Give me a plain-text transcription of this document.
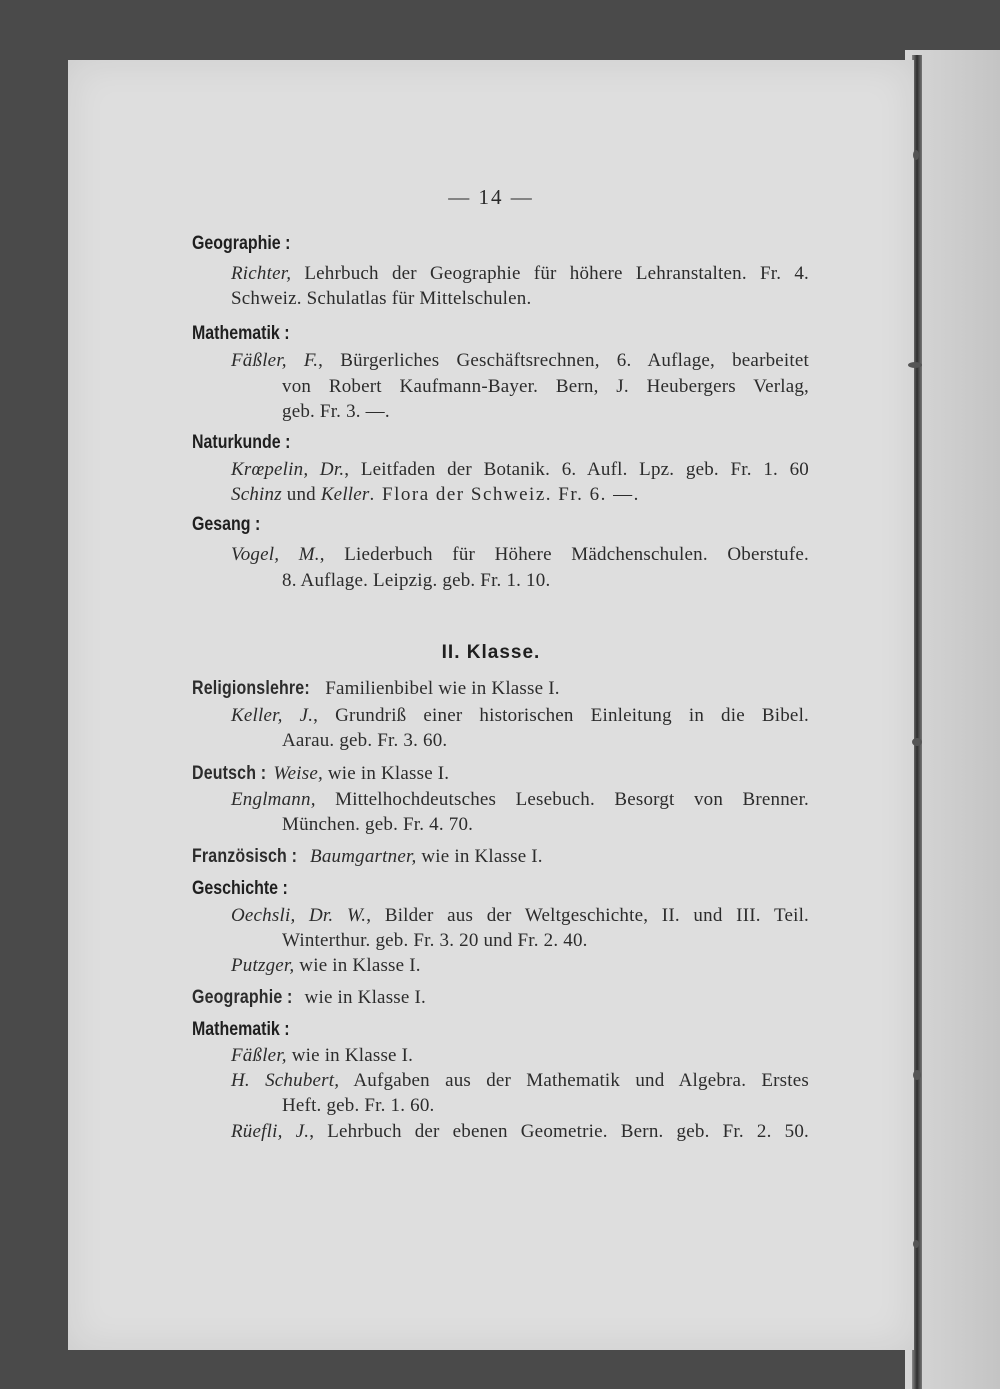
— 14 —
Geographie :
Richter, Lehrbuch der Geographie für höhere Lehranstalten. Fr. 4.
Schweiz. Schulatlas für Mittelschulen.
Mathematik :
Fäßler, F., Bürgerliches Geschäftsrechnen, 6. Auflage, bearbeitet
von Robert Kaufmann-Bayer. Bern, J. Heubergers Verlag,
geb. Fr. 3. —.
Naturkunde :
Krœpelin, Dr., Leitfaden der Botanik. 6. Aufl. Lpz. geb. Fr. 1. 60
Schinz und Keller. Flora der Schweiz. Fr. 6. —.
Gesang :
Vogel, M., Liederbuch für Höhere Mädchenschulen. Oberstufe.
8. Auflage. Leipzig. geb. Fr. 1. 10.
II. Klasse.
Religionslehre: Familienbibel wie in Klasse I.
Keller, J., Grundriß einer historischen Einleitung in die Bibel.
Aarau. geb. Fr. 3. 60.
Deutsch : Weise, wie in Klasse I.
Englmann, Mittelhochdeutsches Lesebuch. Besorgt von Brenner.
München. geb. Fr. 4. 70.
Französisch : Baumgartner, wie in Klasse I.
Geschichte :
Oechsli, Dr. W., Bilder aus der Weltgeschichte, II. und III. Teil.
Winterthur. geb. Fr. 3. 20 und Fr. 2. 40.
Putzger, wie in Klasse I.
Geographie : wie in Klasse I.
Mathematik :
Fäßler, wie in Klasse I.
H. Schubert, Aufgaben aus der Mathematik und Algebra. Erstes
Heft. geb. Fr. 1. 60.
Rüefli, J., Lehrbuch der ebenen Geometrie. Bern. geb. Fr. 2. 50.
